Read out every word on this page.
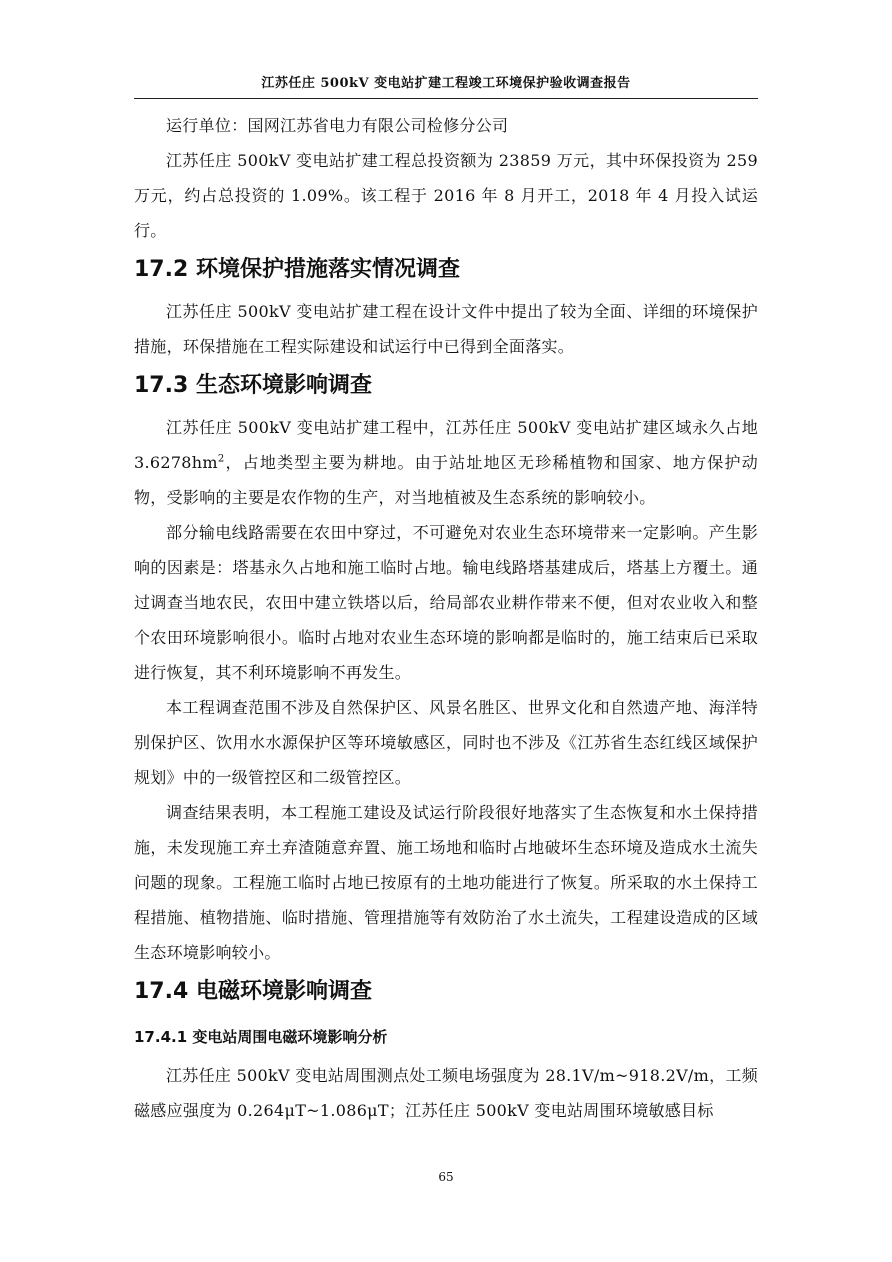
江苏任庄 500kV 变电站扩建工程竣工环境保护验收调查报告

运行单位：国网江苏省电力有限公司检修分公司

江苏任庄 500kV 变电站扩建工程总投资额为 23859 万元，其中环保投资为 259 万元，约占总投资的 1.09%。该工程于 2016 年 8 月开工，2018 年 4 月投入试运行。

17.2 环境保护措施落实情况调查

江苏任庄 500kV 变电站扩建工程在设计文件中提出了较为全面、详细的环境保护措施，环保措施在工程实际建设和试运行中已得到全面落实。

17.3 生态环境影响调查

江苏任庄 500kV 变电站扩建工程中，江苏任庄 500kV 变电站扩建区域永久占地 $3.6278hm^2$，占地类型主要为耕地。由于站址地区无珍稀植物和国家、地方保护动物，受影响的主要是农作物的生产，对当地植被及生态系统的影响较小。

部分输电线路需要在农田中穿过，不可避免对农业生态环境带来一定影响。产生影响的因素是：塔基永久占地和施工临时占地。输电线路塔基建成后，塔基上方覆土。通过调查当地农民，农田中建立铁塔以后，给局部农业耕作带来不便，但对农业收入和整个农田环境影响很小。临时占地对农业生态环境的影响都是临时的，施工结束后已采取进行恢复，其不利环境影响不再发生。

本工程调查范围不涉及自然保护区、风景名胜区、世界文化和自然遗产地、海洋特别保护区、饮用水水源保护区等环境敏感区，同时也不涉及《江苏省生态红线区域保护规划》中的一级管控区和二级管控区。

调查结果表明，本工程施工建设及试运行阶段很好地落实了生态恢复和水土保持措施，未发现施工弃土弃渣随意弃置、施工场地和临时占地破坏生态环境及造成水土流失问题的现象。工程施工临时占地已按原有的土地功能进行了恢复。所采取的水土保持工程措施、植物措施、临时措施、管理措施等有效防治了水土流失，工程建设造成的区域生态环境影响较小。

17.4 电磁环境影响调查
17.4.1 变电站周围电磁环境影响分析

江苏任庄 500kV 变电站周围测点处工频电场强度为 28.1V/m~918.2V/m，工频磁感应强度为 0.264μT~1.086μT；江苏任庄 500kV 变电站周围环境敏感目标

65
